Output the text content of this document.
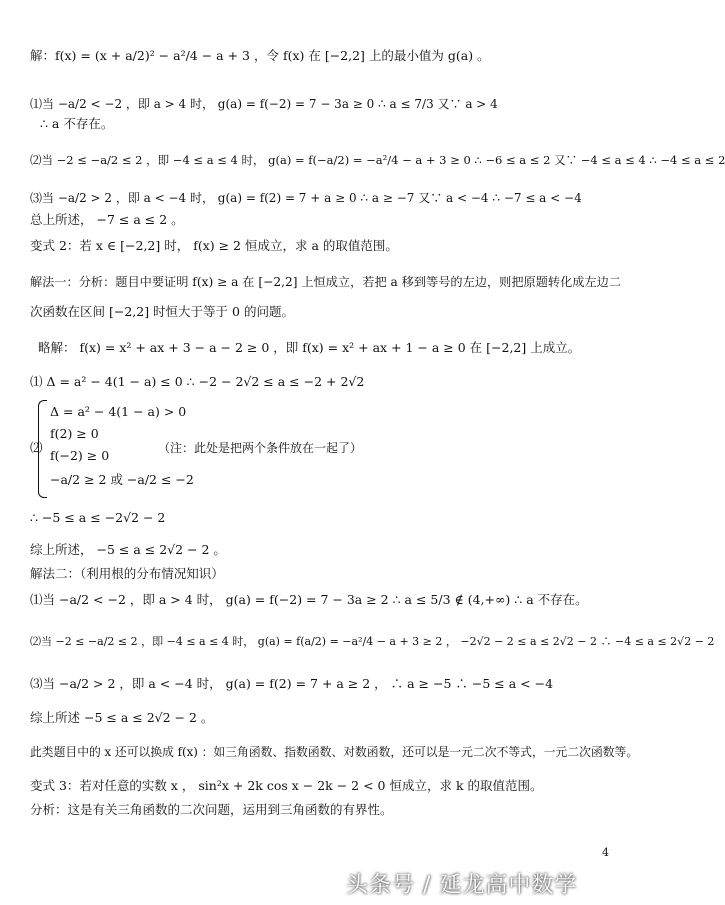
解：f(x) = (x + a/2)² − a²/4 − a + 3 ，令 f(x) 在 [−2,2] 上的最小值为 g(a) 。
⑴当 −a/2 < −2 ，即 a > 4 时， g(a) = f(−2) = 7 − 3a ≥ 0 ∴ a ≤ 7/3 又∵ a > 4
∴ a 不存在。
⑵当 −2 ≤ −a/2 ≤ 2 ，即 −4 ≤ a ≤ 4 时， g(a) = f(−a/2) = −a²/4 − a + 3 ≥ 0 ∴ −6 ≤ a ≤ 2 又∵ −4 ≤ a ≤ 4 ∴ −4 ≤ a ≤ 2
⑶当 −a/2 > 2 ，即 a < −4 时， g(a) = f(2) = 7 + a ≥ 0 ∴ a ≥ −7 又∵ a < −4 ∴ −7 ≤ a < −4
总上所述， −7 ≤ a ≤ 2 。
变式 2：若 x ∈ [−2,2] 时， f(x) ≥ 2 恒成立，求 a 的取值范围。
解法一：分析：题目中要证明 f(x) ≥ a 在 [−2,2] 上恒成立，若把 a 移到等号的左边，则把原题转化成左边二
次函数在区间 [−2,2] 时恒大于等于 0 的问题。
略解： f(x) = x² + ax + 3 − a − 2 ≥ 0 ，即 f(x) = x² + ax + 1 − a ≥ 0 在 [−2,2] 上成立。
⑴ Δ = a² − 4(1 − a) ≤ 0 ∴ −2 − 2√2 ≤ a ≤ −2 + 2√2
⑵
Δ = a² − 4(1 − a) > 0
f(2) ≥ 0
f(−2) ≥ 0
−a/2 ≥ 2 或 −a/2 ≤ −2
（注：此处是把两个条件放在一起了）
∴ −5 ≤ a ≤ −2√2 − 2
综上所述， −5 ≤ a ≤ 2√2 − 2 。
解法二：（利用根的分布情况知识）
⑴当 −a/2 < −2 ，即 a > 4 时， g(a) = f(−2) = 7 − 3a ≥ 2 ∴ a ≤ 5/3 ∉ (4,+∞) ∴ a 不存在。
⑵当 −2 ≤ −a/2 ≤ 2 ，即 −4 ≤ a ≤ 4 时， g(a) = f(a/2) = −a²/4 − a + 3 ≥ 2 ， −2√2 − 2 ≤ a ≤ 2√2 − 2 ∴ −4 ≤ a ≤ 2√2 − 2
⑶当 −a/2 > 2 ，即 a < −4 时， g(a) = f(2) = 7 + a ≥ 2 ， ∴ a ≥ −5 ∴ −5 ≤ a < −4
综上所述 −5 ≤ a ≤ 2√2 − 2 。
此类题目中的 x 还可以换成 f(x) ：如三角函数、指数函数、对数函数，还可以是一元二次不等式，一元二次函数等。
变式 3：若对任意的实数 x ， sin²x + 2k cos x − 2k − 2 < 0 恒成立，求 k 的取值范围。
分析：这是有关三角函数的二次问题，运用到三角函数的有界性。
4
头条号 / 延龙高中数学
